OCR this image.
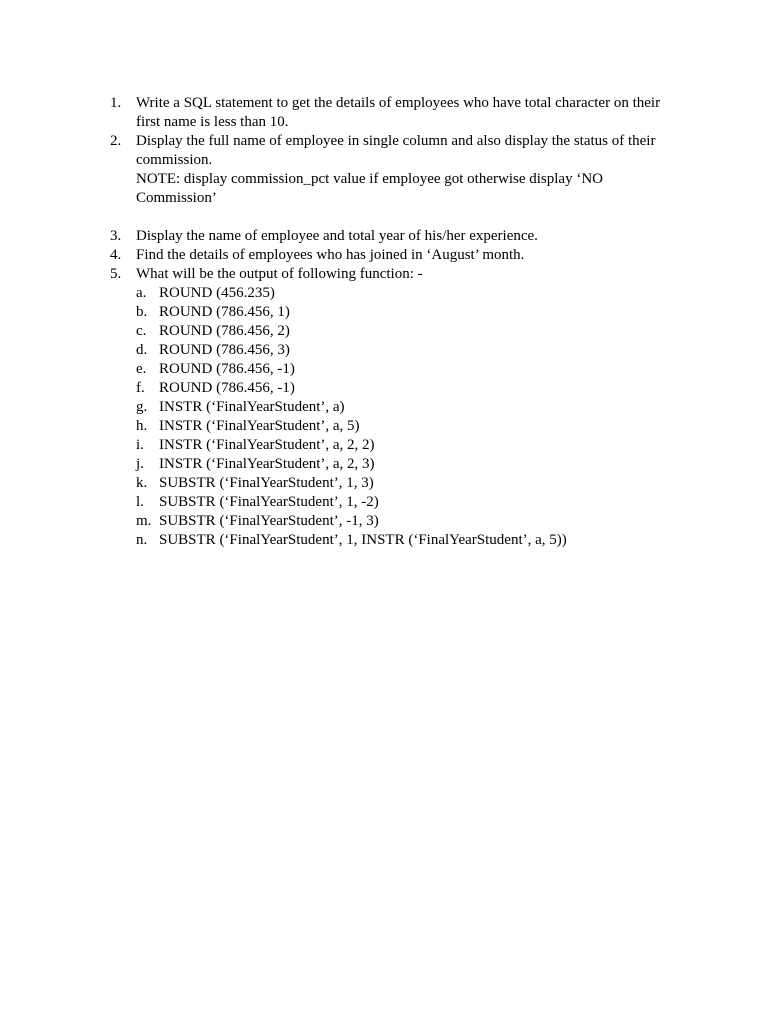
1. Write a SQL statement to get the details of employees who have total character on their first name is less than 10.
2. Display the full name of employee in single column and also display the status of their commission.
NOTE: display commission_pct value if employee got otherwise display ‘NO Commission’
3. Display the name of employee and total year of his/her experience.
4. Find the details of employees who has joined in ‘August’ month.
5. What will be the output of following function: -
a. ROUND (456.235)
b. ROUND (786.456, 1)
c. ROUND (786.456, 2)
d. ROUND (786.456, 3)
e. ROUND (786.456, -1)
f. ROUND (786.456, -1)
g. INSTR (‘FinalYearStudent’, a)
h. INSTR (‘FinalYearStudent’, a, 5)
i.	INSTR (‘FinalYearStudent’, a, 2, 2)
j.	INSTR (‘FinalYearStudent’, a, 2, 3)
k. SUBSTR (‘FinalYearStudent’, 1, 3)
l.	SUBSTR (‘FinalYearStudent’, 1, -2)
m. SUBSTR (‘FinalYearStudent’, -1, 3)
n. SUBSTR (‘FinalYearStudent’, 1, INSTR (‘FinalYearStudent’, a, 5))
